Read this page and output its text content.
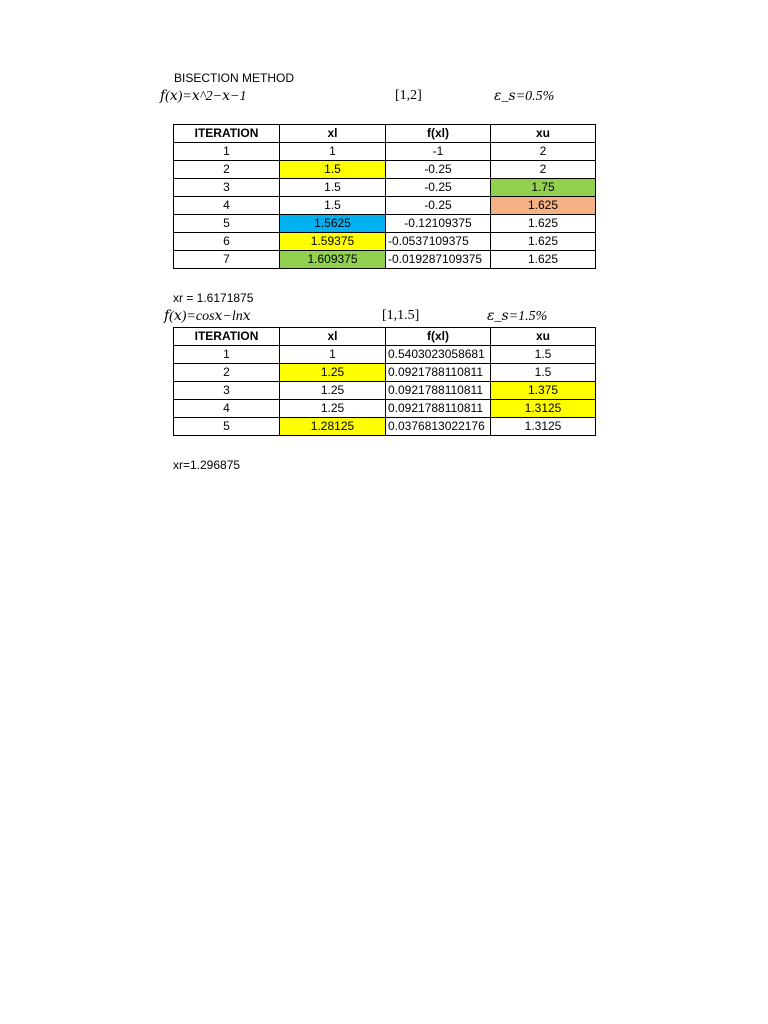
BISECTION METHOD
𝑓(𝑥)=𝑥^2−𝑥−1	[1,2]	𝜀_𝑠=0.5%
ITERATION	xl	f(xl)	xu
1	1	-1	2
2	1.5	-0.25	2
3	1.5	-0.25	1.75
4	1.5	-0.25	1.625
5	1.5625	-0.12109375	1.625
6	1.59375	-0.0537109375	1.625
7	1.609375	-0.019287109375	1.625
xr = 1.6171875
𝑓(𝑥)=cos⁡𝑥−ln⁡𝑥	[1,1.5]	𝜀_𝑠=1.5%
ITERATION	xl	f(xl)	xu
1	1	0.5403023058681	1.5
2	1.25	0.0921788110811	1.5
3	1.25	0.0921788110811	1.375
4	1.25	0.0921788110811	1.3125
5	1.28125	0.0376813022176	1.3125
xr=1.296875
